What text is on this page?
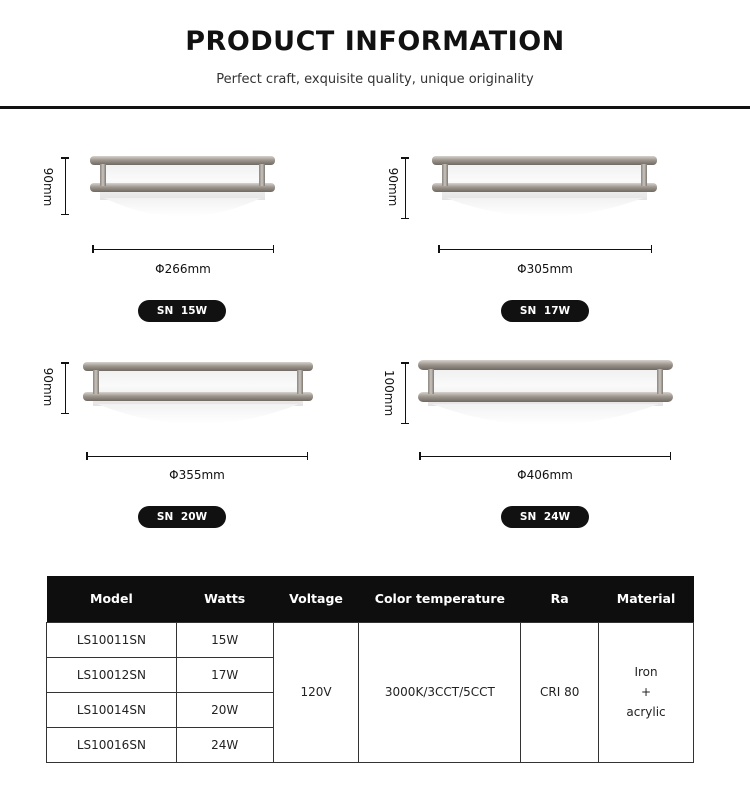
PRODUCT INFORMATION
Perfect craft, exquisite quality, unique originality
90mm
Φ266mm
SN 15W
90mm
Φ305mm
SN 17W
90mm
Φ355mm
SN 20W
100mm
Φ406mm
SN 24W
Model	Watts	Voltage	Color temperature	Ra	Material
LS10011SN	15W	120V	3000K/3CCT/5CCT	CRI 80	Iron
+
acrylic

LS10012SN	17W				
LS10014SN	20W				
LS10016SN	24W				
